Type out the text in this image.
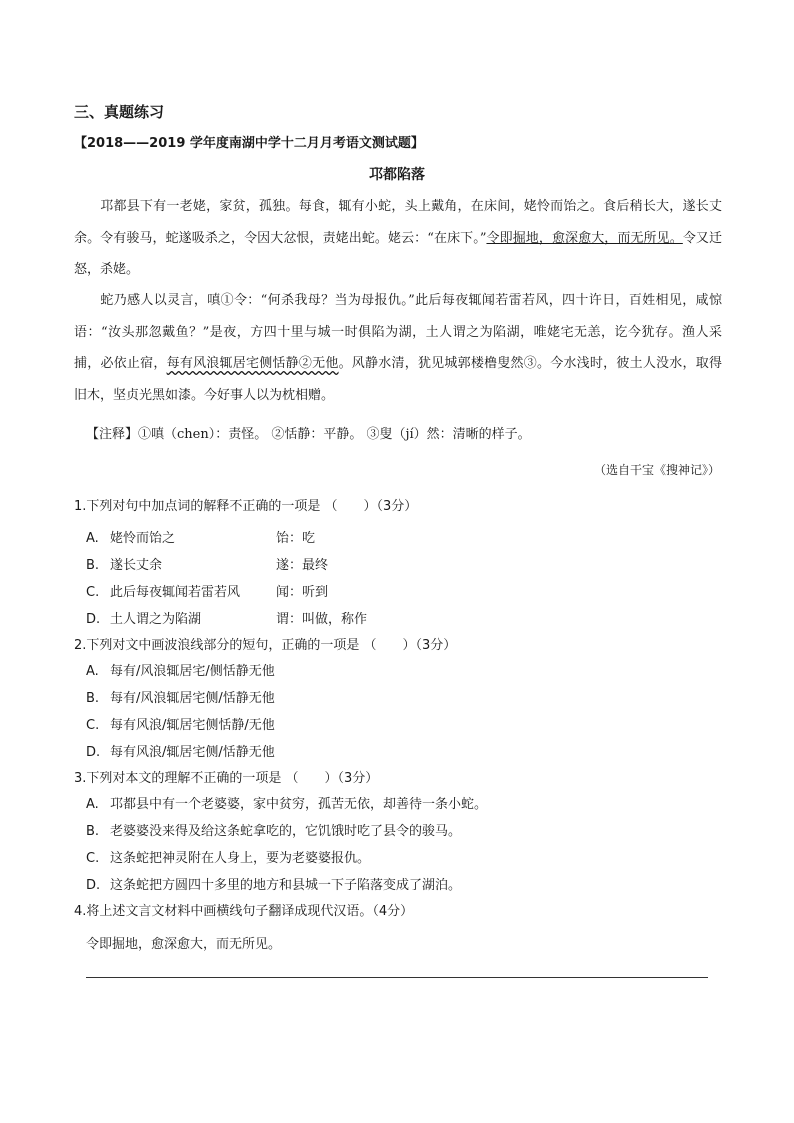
三、真题练习
【2018——2019 学年度南湖中学十二月月考语文测试题】
邛都陷落
邛都县下有一老姥，家贫，孤独。每食，辄有小蛇，头上戴角，在床间，姥怜而饴之。食后稍长大，遂长丈余。令有骏马，蛇遂吸杀之，令因大忿恨，责姥出蛇。姥云：“在床下。”令即掘地，愈深愈大，而无所见。令又迁怒，杀姥。
蛇乃感人以灵言，嗔①令：“何杀我母？当为母报仇。”此后每夜辄闻若雷若风，四十许日，百姓相见，咸惊语：“汝头那忽戴鱼？”是夜，方四十里与城一时俱陷为湖，土人谓之为陷湖，唯姥宅无恙，讫今犹存。渔人采捕，必依止宿，每有风浪辄居宅侧恬静②无他。风静水清，犹见城郭楼橹叟然③。今水浅时，彼土人没水，取得旧木，坚贞光黑如漆。今好事人以为枕相赠。
【注释】①嗔（chen）：责怪。 ②恬静：平静。 ③叟（jí）然：清晰的样子。
（选自干宝《搜神记》）
1.下列对句中加点词的解释不正确的一项是 （　　）（3分）
A. 姥怜而饴之	饴：吃
B. 遂长丈余	遂：最终
C. 此后每夜辄闻若雷若风	闻：听到
D. 土人谓之为陷湖	谓：叫做，称作
2.下列对文中画波浪线部分的短句，正确的一项是 （　　）（3分）
A. 每有/风浪辄居宅/侧恬静无他
B. 每有/风浪辄居宅侧/恬静无他
C. 每有风浪/辄居宅侧恬静/无他
D. 每有风浪/辄居宅侧/恬静无他
3.下列对本文的理解不正确的一项是 （　　）（3分）
A. 邛都县中有一个老婆婆，家中贫穷，孤苦无依，却善待一条小蛇。
B. 老婆婆没来得及给这条蛇拿吃的，它饥饿时吃了县令的骏马。
C. 这条蛇把神灵附在人身上，要为老婆婆报仇。
D. 这条蛇把方圆四十多里的地方和县城一下子陷落变成了湖泊。
4.将上述文言文材料中画横线句子翻译成现代汉语。（4分）
令即掘地，愈深愈大，而无所见。
